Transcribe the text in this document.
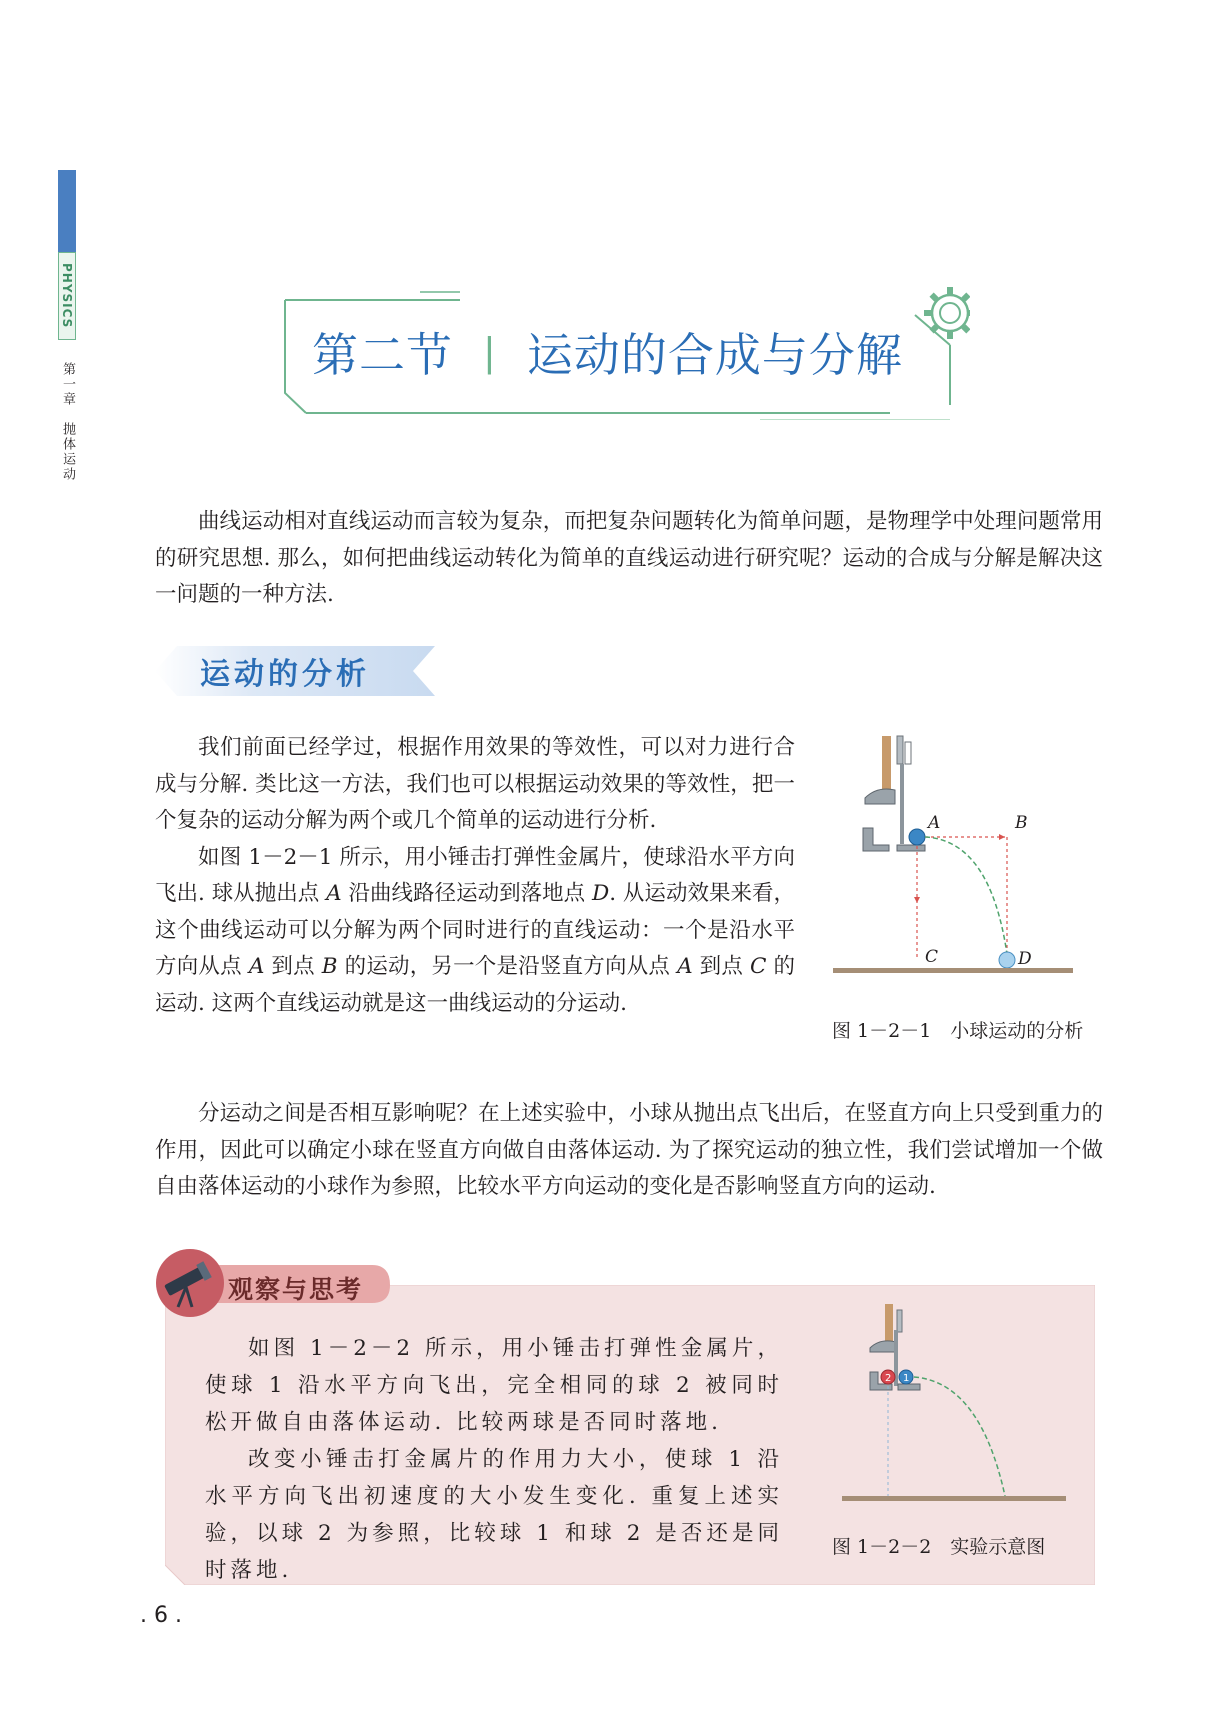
PHYSICS
第一章　抛体运动
第二节 | 运动的合成与分解

曲线运动相对直线运动而言较为复杂，而把复杂问题转化为简单问题，是物理学中处理问题常用的研究思想. 那么，如何把曲线运动转化为简单的直线运动进行研究呢？运动的合成与分解是解决这一问题的一种方法.

运动的分析

我们前面已经学过，根据作用效果的等效性，可以对力进行合成与分解. 类比这一方法，我们也可以根据运动效果的等效性，把一个复杂的运动分解为两个或几个简单的运动进行分析.

如图 1－2－1 所示，用小锤击打弹性金属片，使球沿水平方向飞出. 球从抛出点 A 沿曲线路径运动到落地点 D. 从运动效果来看，这个曲线运动可以分解为两个同时进行的直线运动：一个是沿水平方向从点 A 到点 B 的运动，另一个是沿竖直方向从点 A 到点 C 的运动. 这两个直线运动就是这一曲线运动的分运动.

A	B
C	D
图 1－2－1　小球运动的分析

分运动之间是否相互影响呢？在上述实验中，小球从抛出点飞出后，在竖直方向上只受到重力的作用，因此可以确定小球在竖直方向做自由落体运动. 为了探究运动的独立性，我们尝试增加一个做自由落体运动的小球作为参照，比较水平方向运动的变化是否影响竖直方向的运动.

观察与思考

如图 1－2－2 所示，用小锤击打弹性金属片，使球 1 沿水平方向飞出，完全相同的球 2 被同时松开做自由落体运动. 比较两球是否同时落地.

改变小锤击打金属片的作用力大小，使球 1 沿水平方向飞出初速度的大小发生变化. 重复上述实验，以球 2 为参照，比较球 1 和球 2 是否还是同时落地.

1
2
图 1－2－2　实验示意图
. 6 .
